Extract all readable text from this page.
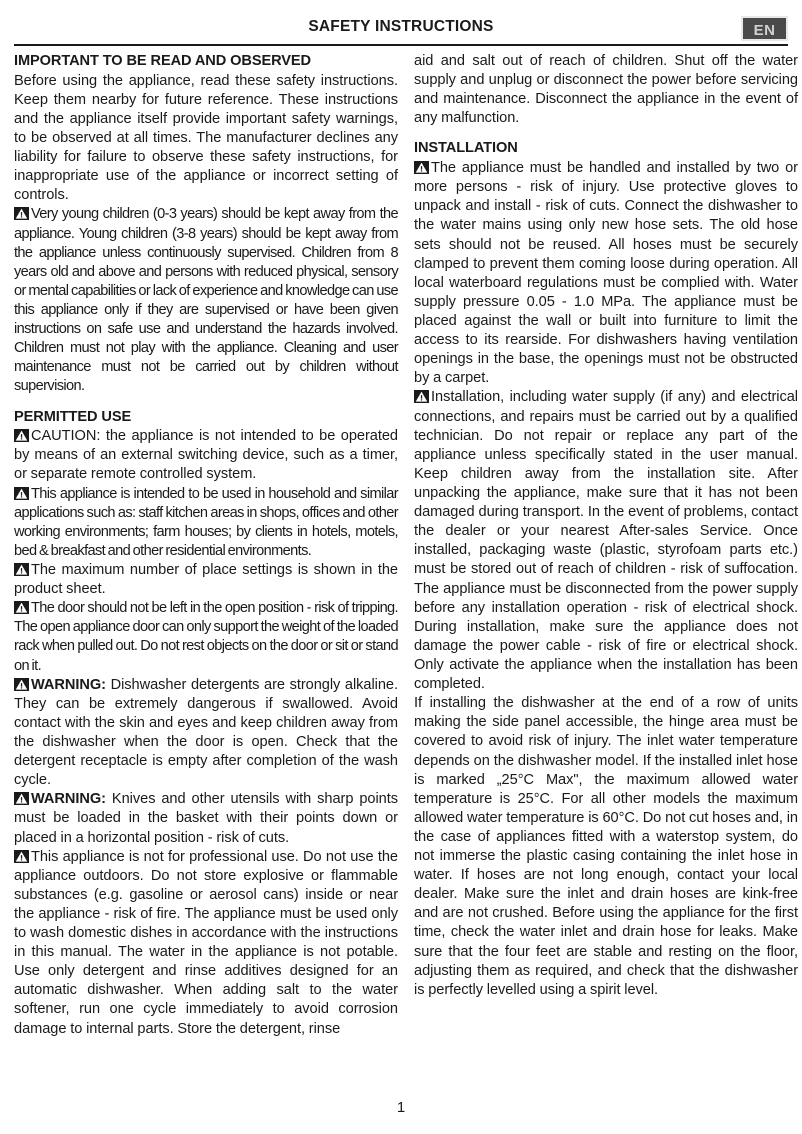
SAFETY INSTRUCTIONS	EN
IMPORTANT TO BE READ AND OBSERVED

Before using the appliance, read these safety instructions. Keep them nearby for future reference. These instructions and the appliance itself provide important safety warnings, to be observed at all times. The manufacturer declines any liability for failure to observe these safety instructions, for inappropriate use of the appliance or incorrect setting of controls.

Very young children (0-3 years) should be kept away from the appliance. Young children (3-8 years) should be kept away from the appliance unless continuously supervised. Children from 8 years old and above and persons with reduced physical, sensory or mental capabilities or lack of experience and knowledge can use this appliance only if they are supervised or have been given instructions on safe use and understand the hazards involved. Children must not play with the appliance. Cleaning and user maintenance must not be carried out by children without supervision.

PERMITTED USE

CAUTION: the appliance is not intended to be operated by means of an external switching device, such as a timer, or separate remote controlled system.

This appliance is intended to be used in household and similar applications such as: staff kitchen areas in shops, offices and other working environments; farm houses; by clients in hotels, motels, bed & breakfast and other residential environments.

The maximum number of place settings is shown in the product sheet.

The door should not be left in the open position - risk of tripping. The open appliance door can only support the weight of the loaded rack when pulled out. Do not rest objects on the door or sit or stand on it.

WARNING: Dishwasher detergents are strongly alkaline. They can be extremely dangerous if swallowed. Avoid contact with the skin and eyes and keep children away from the dishwasher when the door is open. Check that the detergent receptacle is empty after completion of the wash cycle.

WARNING: Knives and other utensils with sharp points must be loaded in the basket with their points down or placed in a horizontal position - risk of cuts.

This appliance is not for professional use. Do not use the appliance outdoors. Do not store explosive or flammable substances (e.g. gasoline or aerosol cans) inside or near the appliance - risk of fire. The appliance must be used only to wash domestic dishes in accordance with the instructions in this manual. The water in the appliance is not potable. Use only detergent and rinse additives designed for an automatic dishwasher. When adding salt to the water softener, run one cycle immediately to avoid corrosion damage to internal parts. Store the detergent, rinse

aid and salt out of reach of children. Shut off the water supply and unplug or disconnect the power before servicing and maintenance. Disconnect the appliance in the event of any malfunction.

INSTALLATION

The appliance must be handled and installed by two or more persons - risk of injury. Use protective gloves to unpack and install - risk of cuts. Connect the dishwasher to the water mains using only new hose sets. The old hose sets should not be reused. All hoses must be securely clamped to prevent them coming loose during operation. All local waterboard regulations must be complied with. Water supply pressure 0.05 - 1.0 MPa. The appliance must be placed against the wall or built into furniture to limit the access to its rearside. For dishwashers having ventilation openings in the base, the openings must not be obstructed by a carpet.

Installation, including water supply (if any) and electrical connections, and repairs must be carried out by a qualified technician. Do not repair or replace any part of the appliance unless specifically stated in the user manual. Keep children away from the installation site. After unpacking the appliance, make sure that it has not been damaged during transport. In the event of problems, contact the dealer or your nearest After-sales Service. Once installed, packaging waste (plastic, styrofoam parts etc.) must be stored out of reach of children - risk of suffocation. The appliance must be disconnected from the power supply before any installation operation - risk of electrical shock. During installation, make sure the appliance does not damage the power cable - risk of fire or electrical shock. Only activate the appliance when the installation has been completed.

If installing the dishwasher at the end of a row of units making the side panel accessible, the hinge area must be covered to avoid risk of injury. The inlet water temperature depends on the dishwasher model. If the installed inlet hose is marked „25°C Max", the maximum allowed water temperature is 25°C. For all other models the maximum allowed water temperature is 60°C. Do not cut hoses and, in the case of appliances fitted with a waterstop system, do not immerse the plastic casing containing the inlet hose in water. If hoses are not long enough, contact your local dealer. Make sure the inlet and drain hoses are kink-free and are not crushed. Before using the appliance for the first time, check the water inlet and drain hose for leaks. Make sure that the four feet are stable and resting on the floor, adjusting them as required, and check that the dishwasher is perfectly levelled using a spirit level.

1
